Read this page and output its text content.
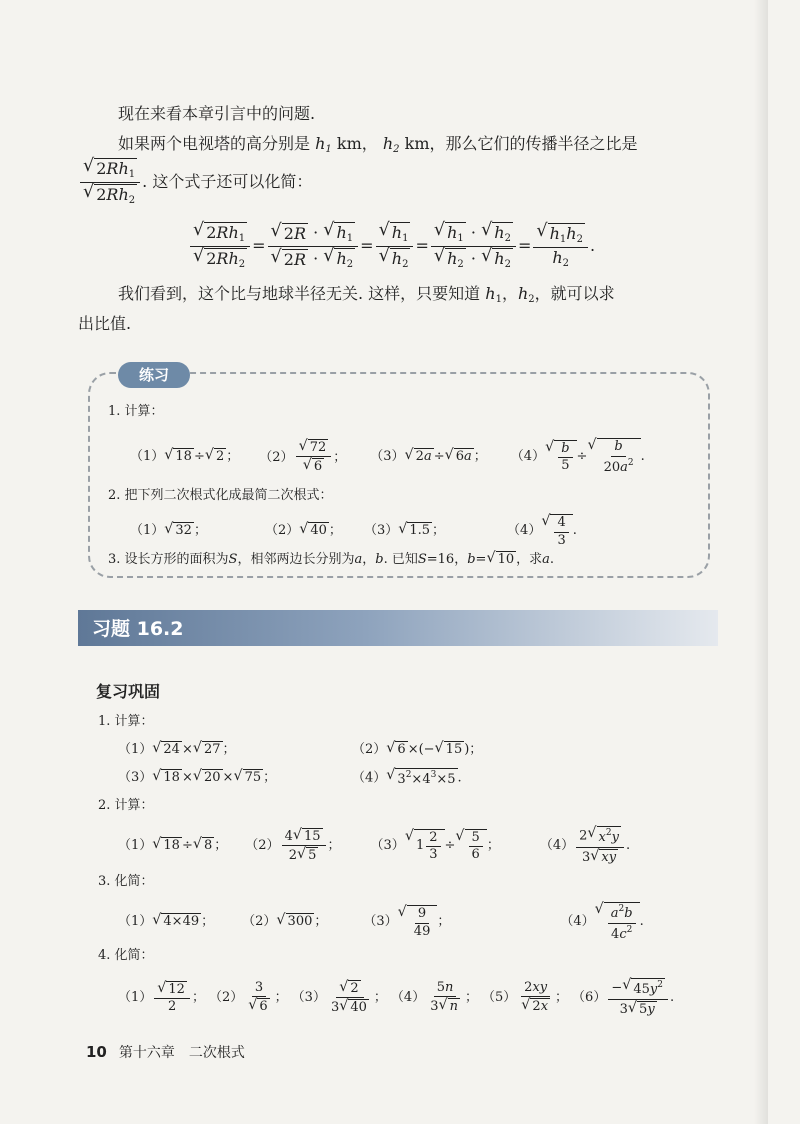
现在来看本章引言中的问题.
如果两个电视塔的高分别是 $h_1$ km， $h_2$ km，那么它们的传播半径之比是
$\frac{√ 2Rh_1}{√ 2Rh_2}$ . 这个式子还可以化简：
$\frac{√ 2Rh_1}{√ 2Rh_2} = \frac{√ 2R \cdot √ h_1}{√ 2R \cdot √ h_2} = \frac{√ h_1}{√ h_2} = \frac{√ h_1 \cdot √ h_2}{√ h_2 \cdot √ h_2} = \frac{√ h_1h_2}{h_2}$ .
我们看到，这个比与地球半径无关. 这样，只要知道 $h_1$，$h_2$，就可以求
出比值.
练习
1. 计算：
（1） √ 18 ÷ √ 2 ； $(2) \frac{√ 72}{√ 6}$ ； （3） √ 2a ÷ √ 6a ； （4）
√ $\frac{b}{5}$ ÷
√ $\frac{b}{20a^2}$ .
2. 把下列二次根式化成最简二次根式：
（1） √ 32 ；	（2） √ 40 ； （3） √ 1.5 ；	（4）
√ $\frac{4}{3}$ .
3. 设长方形的面积为S，相邻两边长分别为a，b. 已知S=16，b= √ 10 ，求a.
习题 16.2
复习巩固
1. 计算：
（1） √ 24 × √ 27 ；	（2） √ 6 ×(− √ 15 )；
（3） √ 18 × √ 20 × √ 75 ；	（4） √ $3^2\times 4^3\times 5$ .
2. 计算：
（1） √ 18 ÷ √ 8 ； $(2) \frac{4 √ 15}{2 √ 5}$ ； （3）
√
$1 \frac{2}{3}$ ÷
√ $\frac{5}{6}$ ；	$(4) \frac{2 √ x^2y}{3 √ xy}$ .
3. 化简：
（1） √ 4×49 ； （2） √ 300 ；	（3）
√ $\frac{9}{49}$ ；	（4）
√ $\frac{a^2b}{4c^2}$ .
4. 化简：
$(1) \frac{√ 12}{2}$ ； $(2) \frac{3}{√ 6}$ ； $(3) \frac{√ 2}{3 √ 40}$ ； $(4) \frac{5n}{3 √ n}$ ； $(5) \frac{2xy}{√ 2x}$ ； $(6) \frac{- √ 45y^2}{3 √ 5y}$ .
10 第十六章　二次根式
